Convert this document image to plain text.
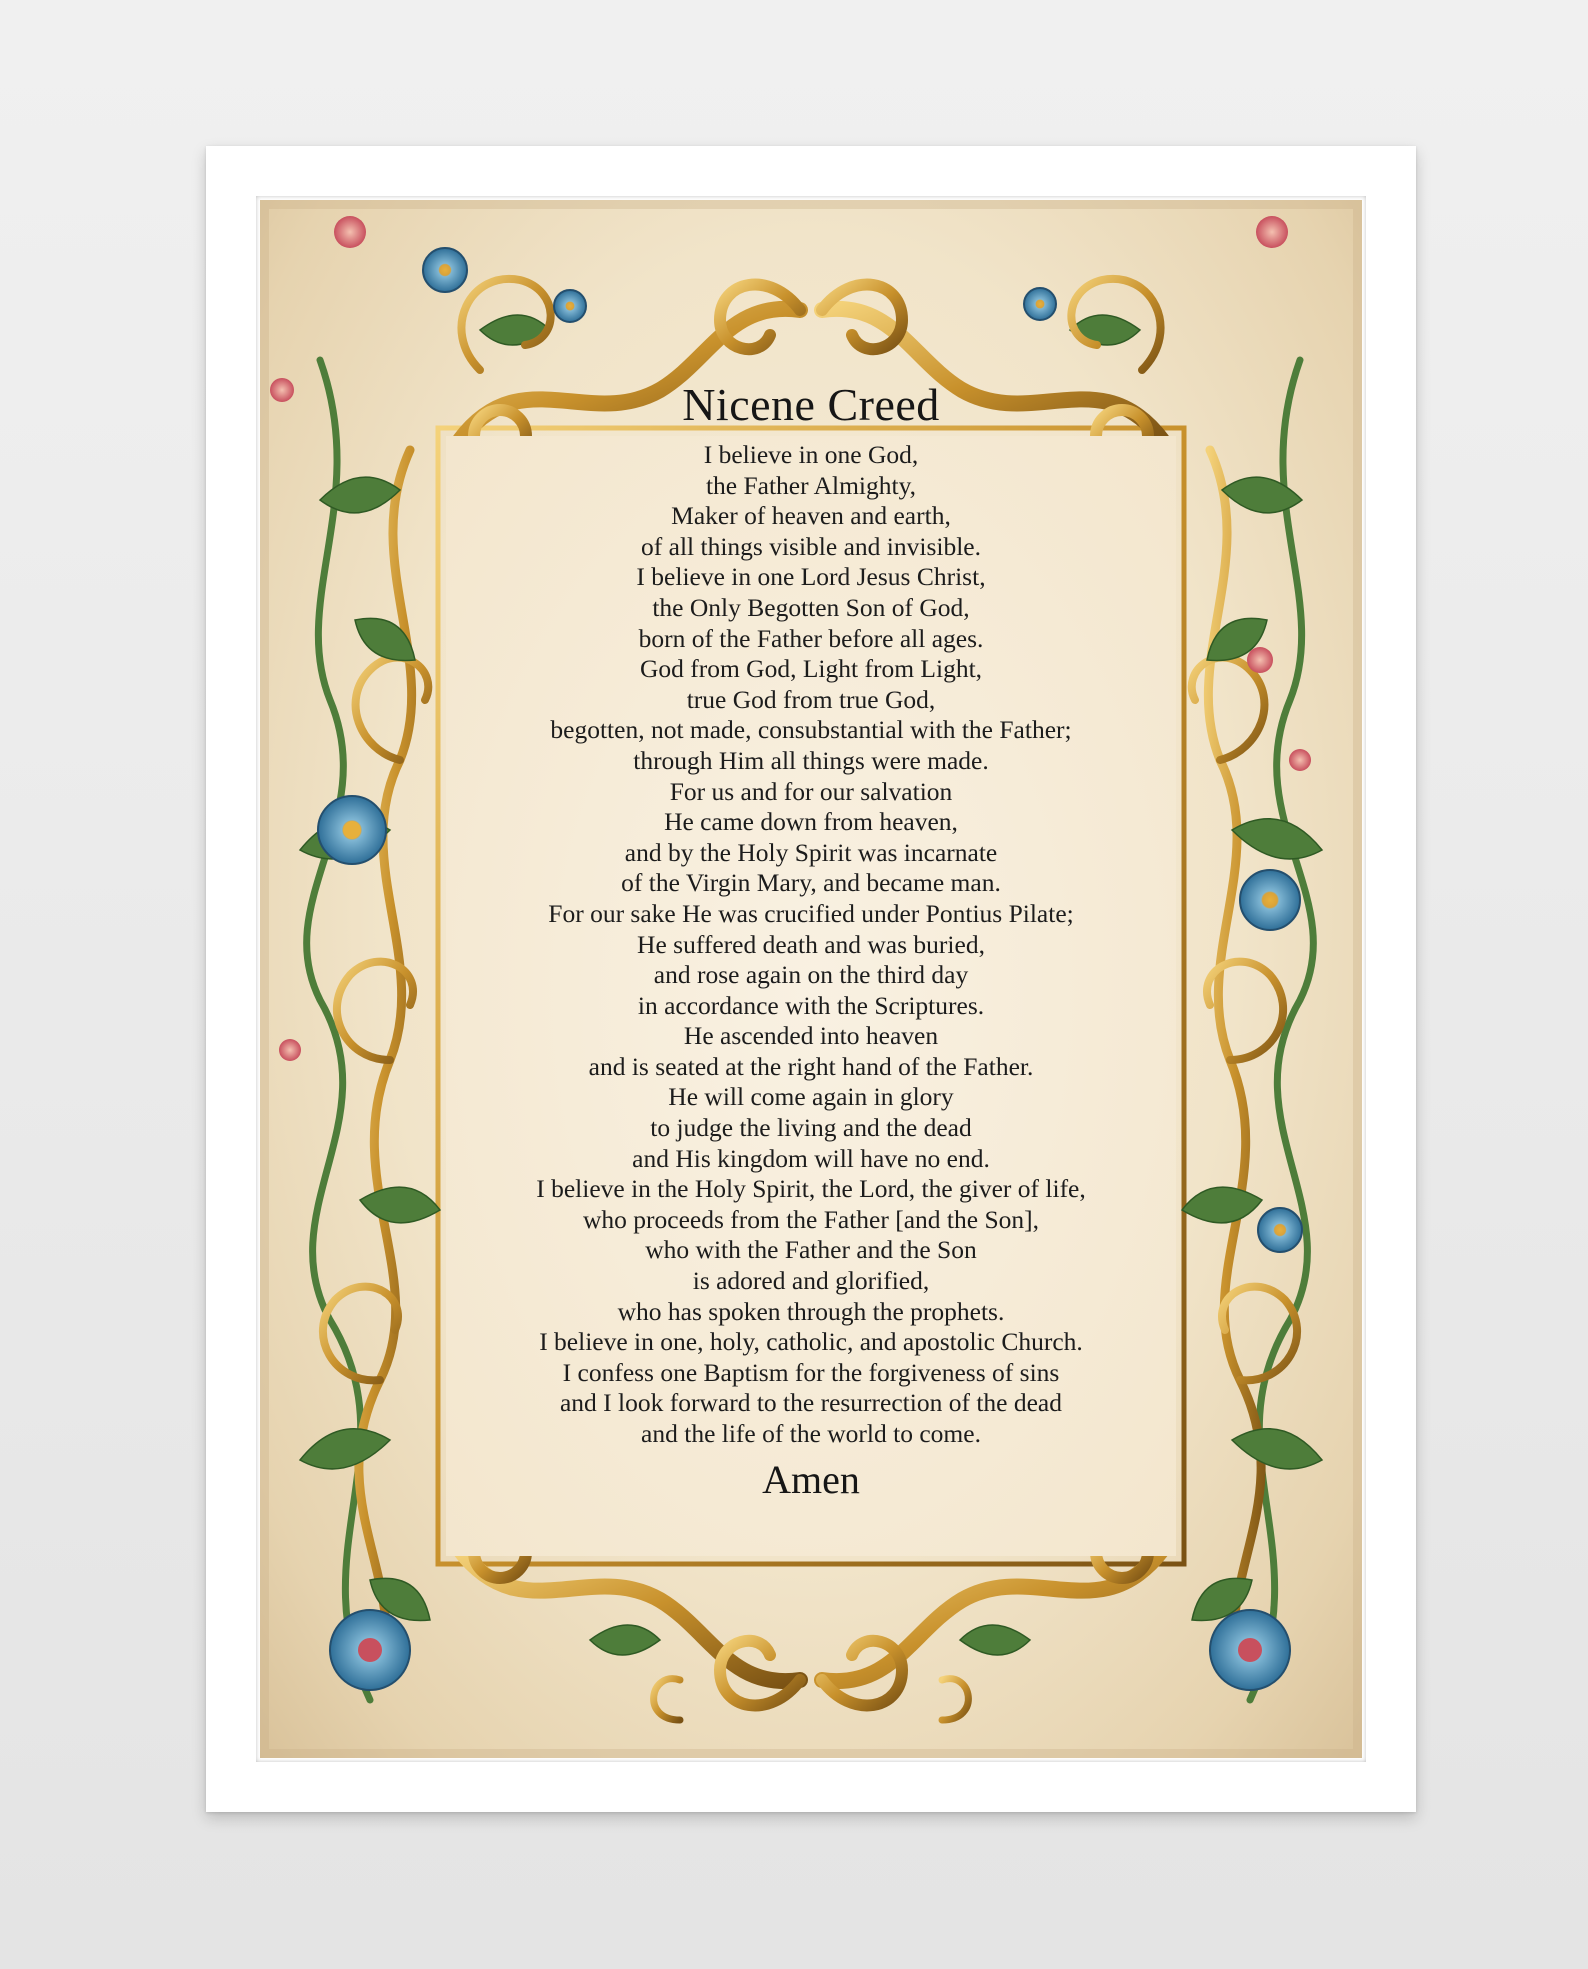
Nicene Creed
I believe in one God,
the Father Almighty,
Maker of heaven and earth,
of all things visible and invisible.
I believe in one Lord Jesus Christ,
the Only Begotten Son of God,
born of the Father before all ages.
God from God, Light from Light,
true God from true God,
begotten, not made, consubstantial with the Father;
through Him all things were made.
For us and for our salvation
He came down from heaven,
and by the Holy Spirit was incarnate
of the Virgin Mary, and became man.
For our sake He was crucified under Pontius Pilate;
He suffered death and was buried,
and rose again on the third day
in accordance with the Scriptures.
He ascended into heaven
and is seated at the right hand of the Father.
He will come again in glory
to judge the living and the dead
and His kingdom will have no end.
I believe in the Holy Spirit, the Lord, the giver of life,
who proceeds from the Father [and the Son],
who with the Father and the Son
is adored and glorified,
who has spoken through the prophets.
I believe in one, holy, catholic, and apostolic Church.
I confess one Baptism for the forgiveness of sins
and I look forward to the resurrection of the dead
and the life of the world to come.
Amen
